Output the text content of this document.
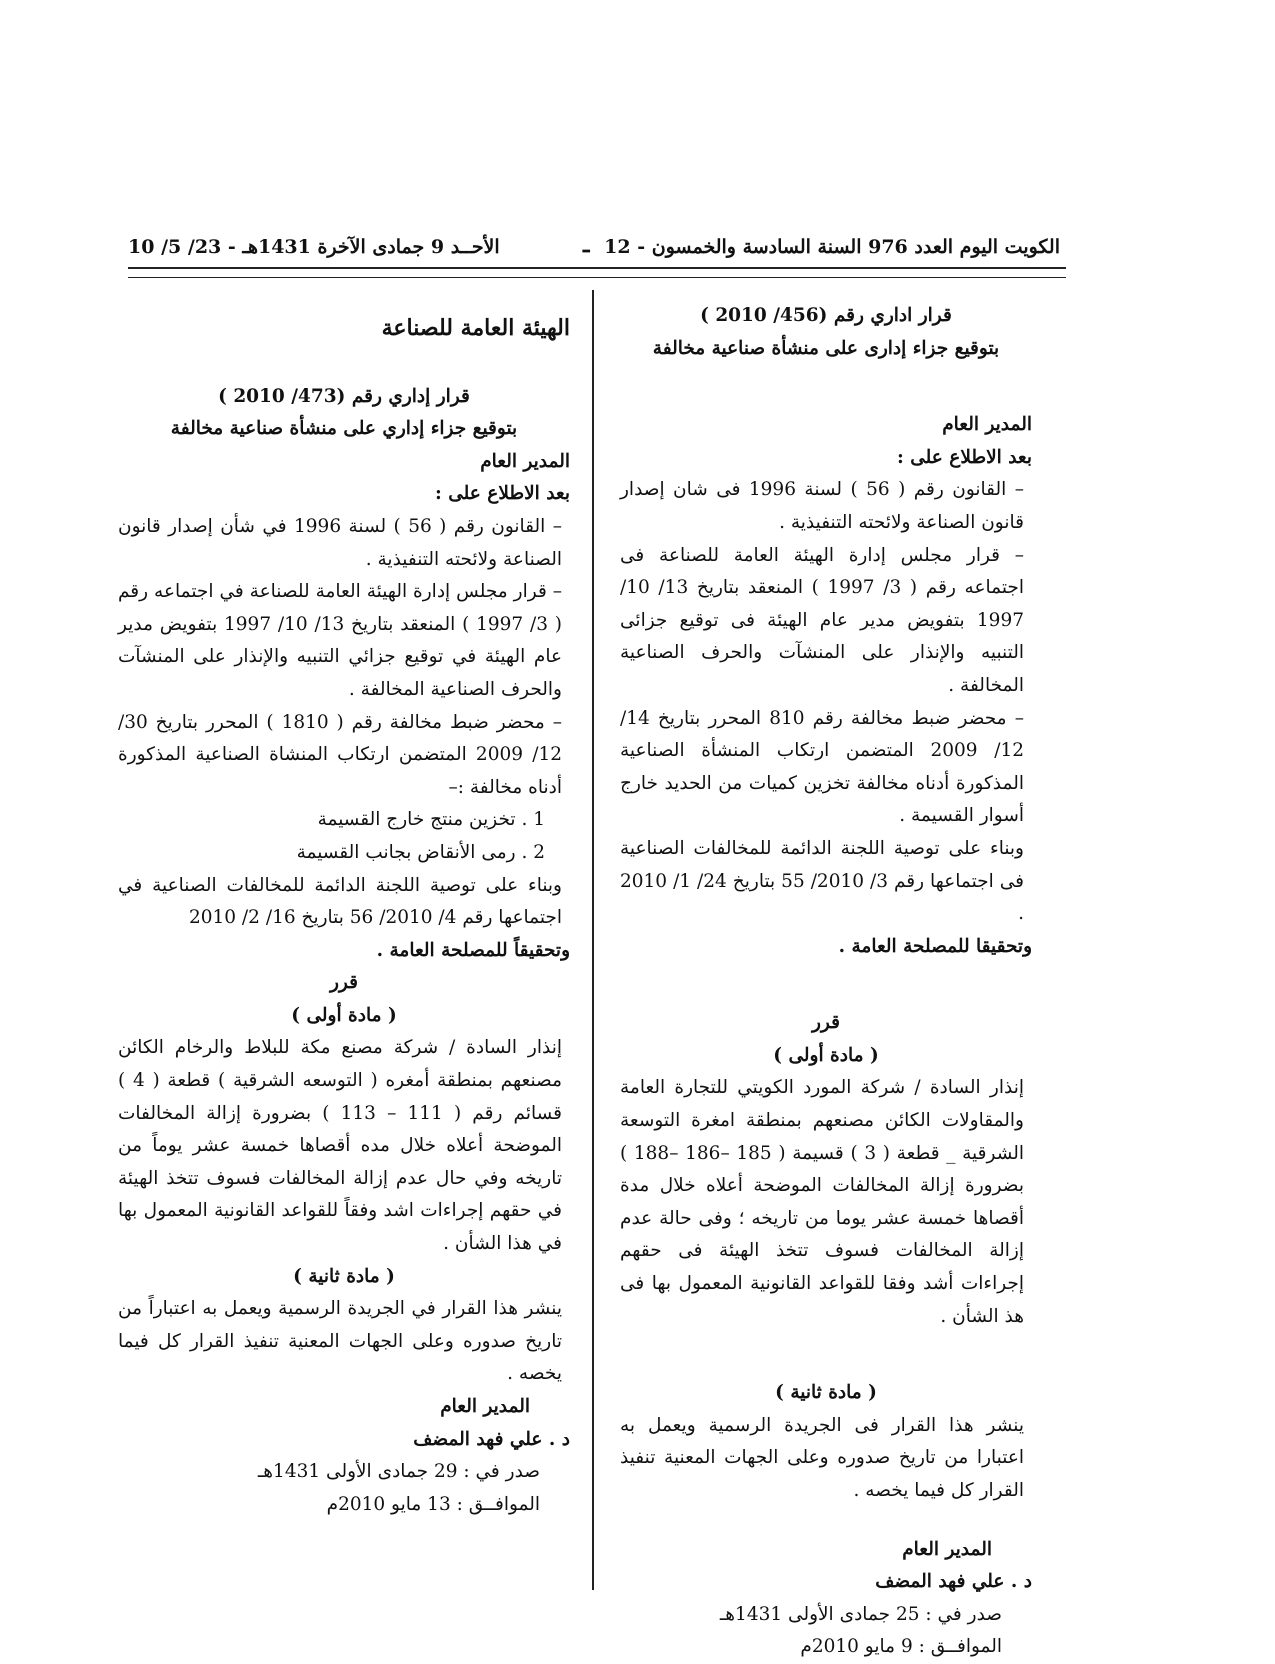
الأحــد 9 جمادى الآخرة 1431هـ - 23/ 5/ 10	ـ الكويت اليوم العدد 976 السنة السادسة والخمسون - 12

قرار اداري رقم (456/ 2010 )

بتوقيع جزاء إدارى على منشأة صناعية مخالفة

المدير العام

بعد الاطلاع على :

– القانون رقم ( 56 ) لسنة 1996 فى شان إصدار قانون الصناعة ولائحته التنفيذية .

– قرار مجلس إدارة الهيئة العامة للصناعة فى اجتماعه رقم ( 3/ 1997 ) المنعقد بتاريخ 13/ 10/ 1997 بتفويض مدير عام الهيئة فى توقيع جزائى التنبيه والإنذار على المنشآت والحرف الصناعية المخالفة .

– محضر ضبط مخالفة رقم 810 المحرر بتاريخ 14/ 12/ 2009 المتضمن ارتكاب المنشأة الصناعية المذكورة أدناه مخالفة تخزين كميات من الحديد خارج أسوار القسيمة .

وبناء على توصية اللجنة الدائمة للمخالفات الصناعية فى اجتماعها رقم 3/ 2010/ 55 بتاريخ 24/ 1/ 2010 .

وتحقيقا للمصلحة العامة .

قرر

( مادة أولى )

إنذار السادة / شركة المورد الكويتي للتجارة العامة والمقاولات الكائن مصنعهم بمنطقة امغرة التوسعة الشرقية _ قطعة ( 3 ) قسيمة ( 185 –186 –188 ) بضرورة إزالة المخالفات الموضحة أعلاه خلال مدة أقصاها خمسة عشر يوما من تاريخه ؛ وفى حالة عدم إزالة المخالفات فسوف تتخذ الهيئة فى حقهم إجراءات أشد وفقا للقواعد القانونية المعمول بها فى هذ الشأن .

( مادة ثانية )

ينشر هذا القرار فى الجريدة الرسمية ويعمل به اعتبارا من تاريخ صدوره وعلى الجهات المعنية تنفيذ القرار كل فيما يخصه .

المدير العام

د . علي فهد المضف

صدر في : 25 جمادى الأولى 1431هـ

الموافــق : 9 مايو 2010م

الهيئة العامة للصناعة

قرار إداري رقم (473/ 2010 )

بتوقيع جزاء إداري على منشأة صناعية مخالفة

المدير العام

بعد الاطلاع على :

– القانون رقم ( 56 ) لسنة 1996 في شأن إصدار قانون الصناعة ولائحته التنفيذية .

– قرار مجلس إدارة الهيئة العامة للصناعة في اجتماعه رقم ( 3/ 1997 ) المنعقد بتاريخ 13/ 10/ 1997 بتفويض مدير عام الهيئة في توقيع جزائي التنبيه والإنذار على المنشآت والحرف الصناعية المخالفة .

– محضر ضبط مخالفة رقم ( 1810 ) المحرر بتاريخ 30/ 12/ 2009 المتضمن ارتكاب المنشاة الصناعية المذكورة أدناه مخالفة :–

1 . تخزين منتج خارج القسيمة

2 . رمى الأنقاض بجانب القسيمة

وبناء على توصية اللجنة الدائمة للمخالفات الصناعية في اجتماعها رقم 4/ 2010/ 56 بتاريخ 16/ 2/ 2010

وتحقيقاً للمصلحة العامة .

قرر

( مادة أولى )

إنذار السادة / شركة مصنع مكة للبلاط والرخام الكائن مصنعهم بمنطقة أمغره ( التوسعه الشرقية ) قطعة ( 4 ) قسائم رقم ( 111 – 113 ) بضرورة إزالة المخالفات الموضحة أعلاه خلال مده أقصاها خمسة عشر يوماً من تاريخه وفي حال عدم إزالة المخالفات فسوف تتخذ الهيئة في حقهم إجراءات اشد وفقاً للقواعد القانونية المعمول بها في هذا الشأن .

( مادة ثانية )

ينشر هذا القرار في الجريدة الرسمية ويعمل به اعتباراً من تاريخ صدوره وعلى الجهات المعنية تنفيذ القرار كل فيما يخصه .

المدير العام

د . علي فهد المضف

صدر في : 29 جمادى الأولى 1431هـ

الموافــق : 13 مايو 2010م
